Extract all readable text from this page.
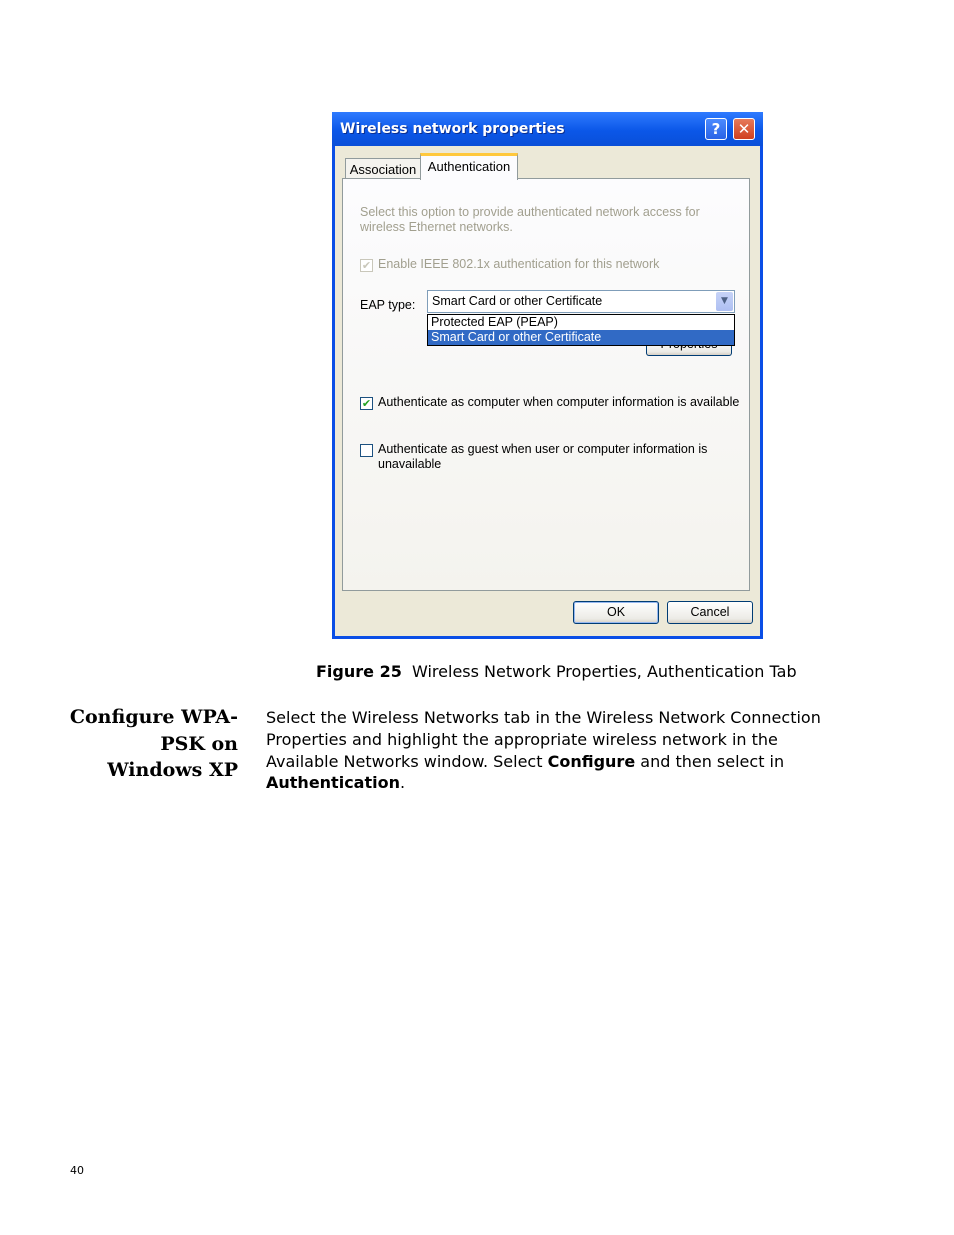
Wireless network properties	?	✕
Association Authentication
Select this option to provide authenticated network access for
wireless Ethernet networks.
✔ Enable IEEE 802.1x authentication for this network
EAP type: Smart Card or other Certificate	▼
Protected EAP (PEAP)
Smart Card or other Certificate
✔ Authenticate as computer when computer information is available
Authenticate as guest when user or computer information is
unavailable
OK	Cancel
Figure 25 Wireless Network Properties, Authentication Tab
Configure WPA-
PSK on
Windows XP
Select the Wireless Networks tab in the Wireless Network Connection
Properties and highlight the appropriate wireless network in the
Available Networks window. Select Configure and then select in
Authentication.
40
